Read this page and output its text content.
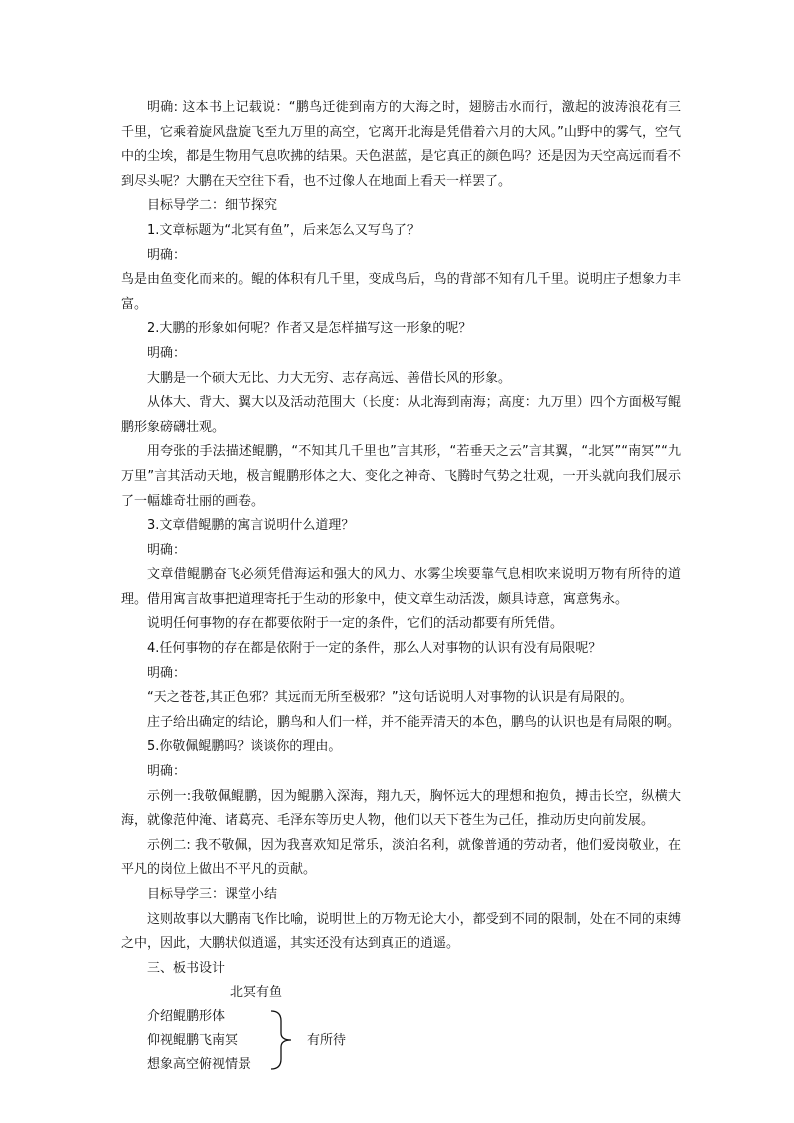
明确: 这本书上记载说：“鹏鸟迁徙到南方的大海之时，翅膀击水而行，激起的波涛浪花有三千里，它乘着旋风盘旋飞至九万里的高空，它离开北海是凭借着六月的大风。”山野中的雾气，空气中的尘埃，都是生物用气息吹拂的结果。天色湛蓝，是它真正的颜色吗？还是因为天空高远而看不到尽头呢？大鹏在天空往下看，也不过像人在地面上看天一样罢了。

目标导学二：细节探究

1.文章标题为“北冥有鱼”，后来怎么又写鸟了？

明确：

鸟是由鱼变化而来的。鲲的体积有几千里，变成鸟后，鸟的背部不知有几千里。说明庄子想象力丰富。

2.大鹏的形象如何呢？作者又是怎样描写这一形象的呢？

明确：

大鹏是一个硕大无比、力大无穷、志存高远、善借长风的形象。

从体大、背大、翼大以及活动范围大（长度：从北海到南海；高度：九万里）四个方面极写鲲鹏形象磅礴壮观。

用夸张的手法描述鲲鹏，“不知其几千里也”言其形，“若垂天之云”言其翼，“北冥”“南冥”“九万里”言其活动天地，极言鲲鹏形体之大、变化之神奇、飞腾时气势之壮观，一开头就向我们展示了一幅雄奇壮丽的画卷。

3.文章借鲲鹏的寓言说明什么道理？

明确：

文章借鲲鹏奋飞必须凭借海运和强大的风力、水雾尘埃要靠气息相吹来说明万物有所待的道理。借用寓言故事把道理寄托于生动的形象中，使文章生动活泼，颇具诗意，寓意隽永。

说明任何事物的存在都要依附于一定的条件，它们的活动都要有所凭借。

4.任何事物的存在都是依附于一定的条件，那么人对事物的认识有没有局限呢？

明确：

“天之苍苍,其正色邪？其远而无所至极邪？”这句话说明人对事物的认识是有局限的。

庄子给出确定的结论，鹏鸟和人们一样，并不能弄清天的本色，鹏鸟的认识也是有局限的啊。

5.你敬佩鲲鹏吗？谈谈你的理由。

明确：

示例一:我敬佩鲲鹏，因为鲲鹏入深海，翔九天，胸怀远大的理想和抱负，搏击长空，纵横大海，就像范仲淹、诸葛亮、毛泽东等历史人物，他们以天下苍生为己任，推动历史向前发展。

示例二: 我不敬佩，因为我喜欢知足常乐，淡泊名利，就像普通的劳动者，他们爱岗敬业，在平凡的岗位上做出不平凡的贡献。

目标导学三：课堂小结

这则故事以大鹏南飞作比喻，说明世上的万物无论大小，都受到不同的限制，处在不同的束缚之中，因此，大鹏状似逍遥，其实还没有达到真正的逍遥。

三、板书设计

北冥有鱼
介绍鲲鹏形体
仰视鲲鹏飞南冥
想象高空俯视情景
有所待
